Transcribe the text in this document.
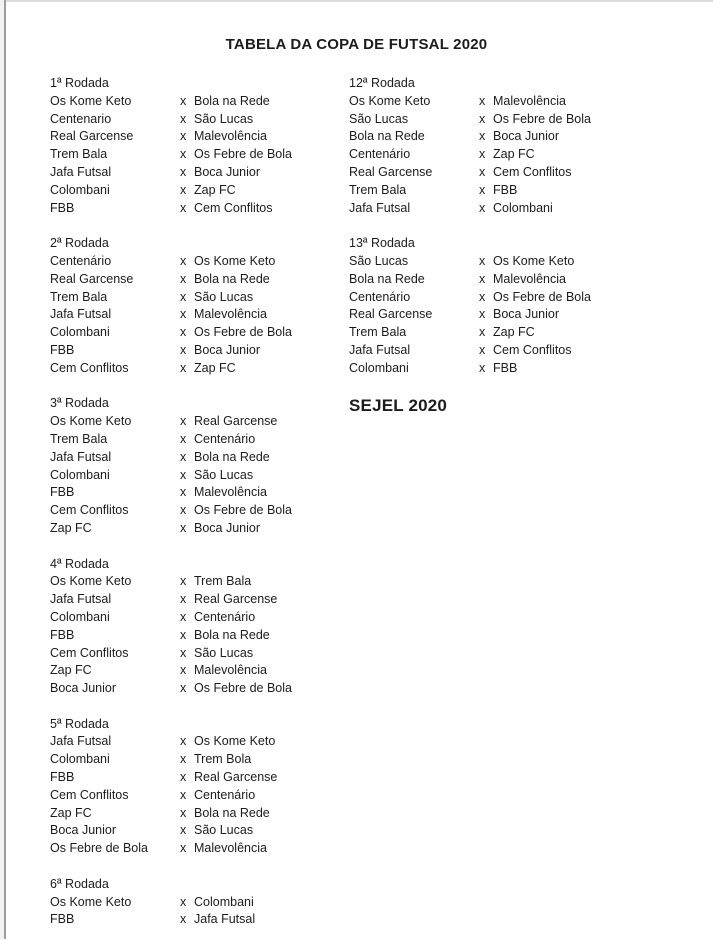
TABELA DA COPA DE FUTSAL 2020
1ª Rodada
Os Kome Keto	x Bola na Rede
Centenario	x São Lucas
Real Garcense	x Malevolência
Trem Bala	x Os Febre de Bola
Jafa Futsal	x Boca Junior
Colombani	x Zap FC
FBB	x Cem Conflitos
2ª Rodada
Centenário	x Os Kome Keto
Real Garcense	x Bola na Rede
Trem Bala	x São Lucas
Jafa Futsal	x Malevolência
Colombani	x Os Febre de Bola
FBB	x Boca Junior
Cem Conflitos	x Zap FC
3ª Rodada
Os Kome Keto	x Real Garcense
Trem Bala	x Centenário
Jafa Futsal	x Bola na Rede
Colombani	x São Lucas
FBB	x Malevolência
Cem Conflitos	x Os Febre de Bola
Zap FC	x Boca Junior
4ª Rodada
Os Kome Keto	x Trem Bala
Jafa Futsal	x Real Garcense
Colombani	x Centenário
FBB	x Bola na Rede
Cem Conflitos	x São Lucas
Zap FC	x Malevolência
Boca Junior	x Os Febre de Bola
5ª Rodada
Jafa Futsal	x Os Kome Keto
Colombani	x Trem Bola
FBB	x Real Garcense
Cem Conflitos	x Centenário
Zap FC	x Bola na Rede
Boca Junior	x São Lucas
Os Febre de Bola	x Malevolência
6ª Rodada
Os Kome Keto	x Colombani
FBB	x Jafa Futsal
12ª Rodada
Os Kome Keto	x Malevolência
São Lucas	x Os Febre de Bola
Bola na Rede	x Boca Junior
Centenário	x Zap FC
Real Garcense	x Cem Conflitos
Trem Bala	x FBB
Jafa Futsal	x Colombani
13ª Rodada
São Lucas	x Os Kome Keto
Bola na Rede	x Malevolência
Centenário	x Os Febre de Bola
Real Garcense	x Boca Junior
Trem Bala	x Zap FC
Jafa Futsal	x Cem Conflitos
Colombani	x FBB
SEJEL 2020
